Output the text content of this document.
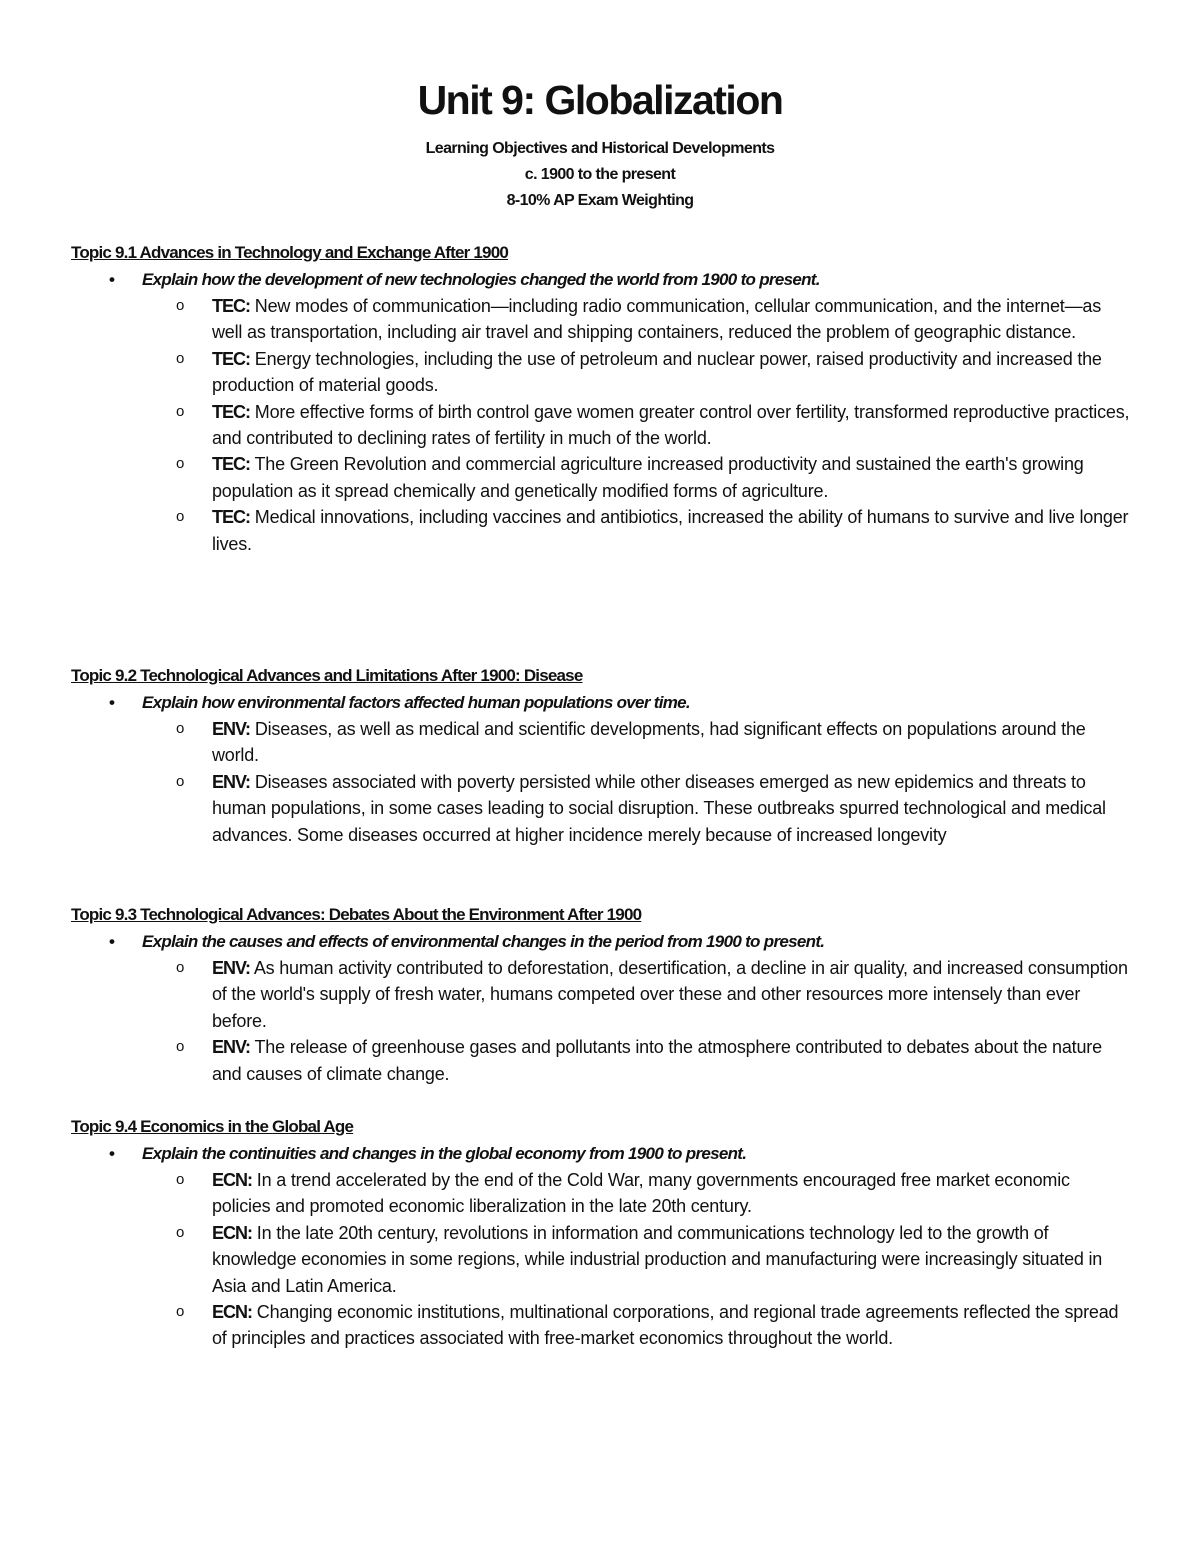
Unit 9: Globalization

Learning Objectives and Historical Developments

c. 1900 to the present

8-10% AP Exam Weighting

Topic 9.1 Advances in Technology and Exchange After 1900

• Explain how the development of new technologies changed the world from 1900 to present.

o TEC: New modes of communication—including radio communication, cellular communication, and the internet—as well as transportation, including air travel and shipping containers, reduced the problem of geographic distance.
o TEC: Energy technologies, including the use of petroleum and nuclear power, raised productivity and increased the production of material goods.
o TEC: More effective forms of birth control gave women greater control over fertility, transformed reproductive practices, and contributed to declining rates of fertility in much of the world.
o TEC: The Green Revolution and commercial agriculture increased productivity and sustained the earth's growing population as it spread chemically and genetically modified forms of agriculture.
o TEC: Medical innovations, including vaccines and antibiotics, increased the ability of humans to survive and live longer lives.
Topic 9.2 Technological Advances and Limitations After 1900: Disease

• Explain how environmental factors affected human populations over time.

o ENV: Diseases, as well as medical and scientific developments, had significant effects on populations around the world.
o ENV: Diseases associated with poverty persisted while other diseases emerged as new epidemics and threats to human populations, in some cases leading to social disruption. These outbreaks spurred technological and medical advances. Some diseases occurred at higher incidence merely because of increased longevity
Topic 9.3 Technological Advances: Debates About the Environment After 1900

• Explain the causes and effects of environmental changes in the period from 1900 to present.

o ENV: As human activity contributed to deforestation, desertification, a decline in air quality, and increased consumption of the world's supply of fresh water, humans competed over these and other resources more intensely than ever before.
o ENV: The release of greenhouse gases and pollutants into the atmosphere contributed to debates about the nature and causes of climate change.
Topic 9.4 Economics in the Global Age

• Explain the continuities and changes in the global economy from 1900 to present.

o ECN: In a trend accelerated by the end of the Cold War, many governments encouraged free market economic policies and promoted economic liberalization in the late 20th century.
o ECN: In the late 20th century, revolutions in information and communications technology led to the growth of knowledge economies in some regions, while industrial production and manufacturing were increasingly situated in Asia and Latin America.
o ECN: Changing economic institutions, multinational corporations, and regional trade agreements reflected the spread of principles and practices associated with free-market economics throughout the world.
